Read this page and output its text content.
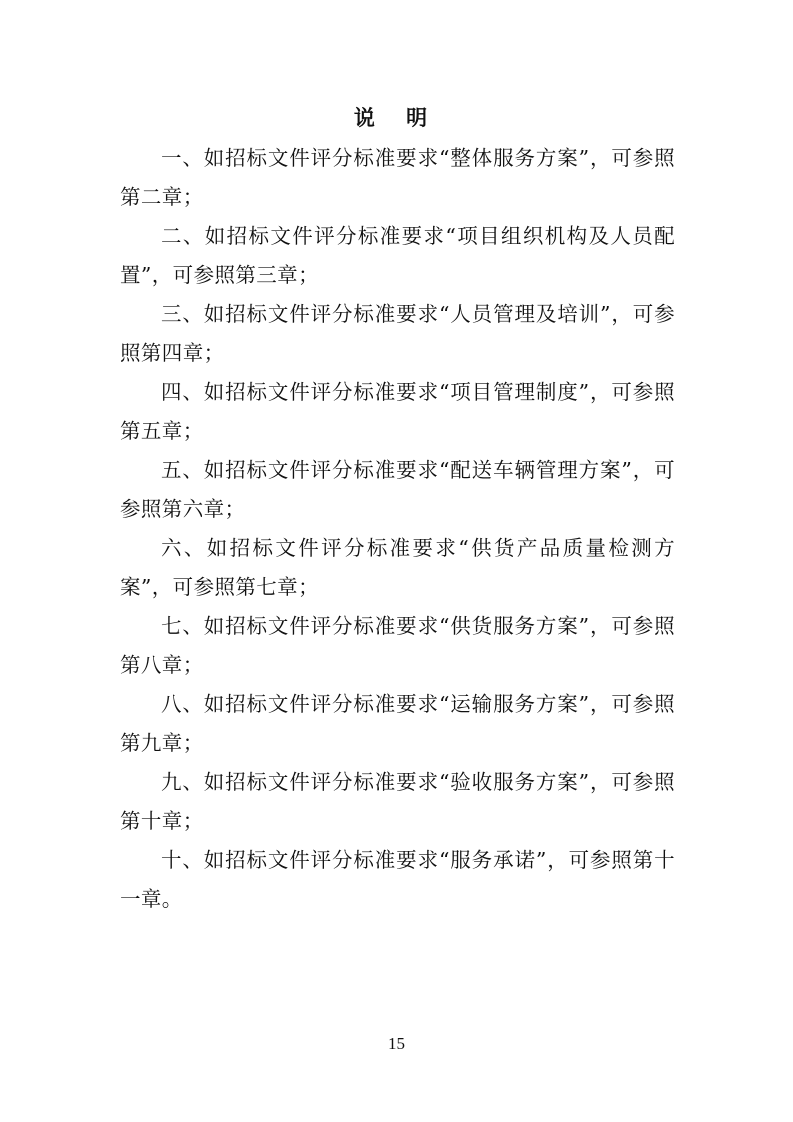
说 明

一、如招标文件评分标准要求“整体服务方案”，可参照第二章；

二、如招标文件评分标准要求“项目组织机构及人员配置”，可参照第三章；

三、如招标文件评分标准要求“人员管理及培训”，可参照第四章；

四、如招标文件评分标准要求“项目管理制度”，可参照第五章；

五、如招标文件评分标准要求“配送车辆管理方案”，可参照第六章；

六、如招标文件评分标准要求“供货产品质量检测方案”，可参照第七章；

七、如招标文件评分标准要求“供货服务方案”，可参照第八章；

八、如招标文件评分标准要求“运输服务方案”，可参照第九章；

九、如招标文件评分标准要求“验收服务方案”，可参照第十章；

十、如招标文件评分标准要求“服务承诺”，可参照第十一章。

15
